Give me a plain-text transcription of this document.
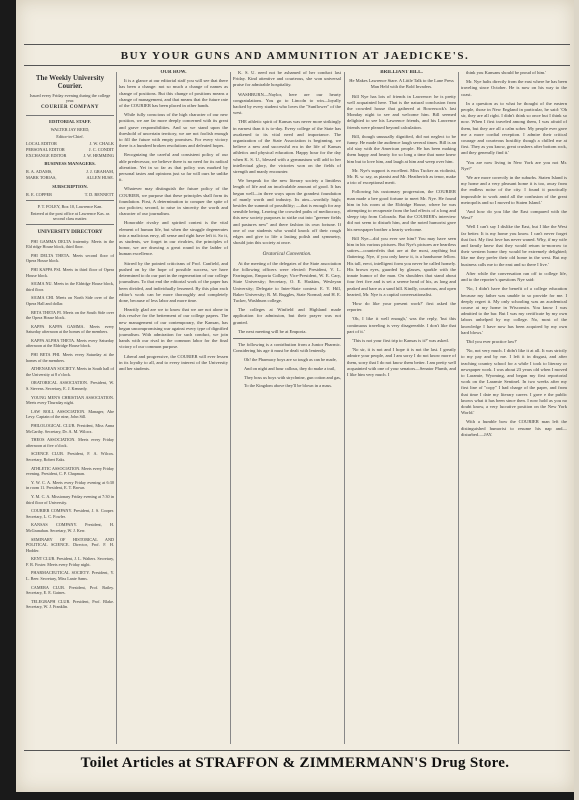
BUY YOUR GUNS AND AMMUNITION AT JAEDICKE'S.
The Weekly University Courier.
Issued every Friday evening during the college year.
COURIER COMPANY
EDITORIAL STAFF.
WALTER JAY REED,
Editor-in-Chief.
LOCAL EDITOR	J. W. CHALK
PERSONAL EDITOR	J. C. CONDIT
EXCHANGE EDITOR	J. W. HEMMING
BUSINESS MANAGERS.
R. A. ADAMS,	J. J. GRAHAM,
MARK TOBIAS,	ALLEN HUSE.
SUBSCRIPTION.
R. E. COPPER	T. D. BENNETT
P. T. FOLEY, Box 10, Lawrence Kan.
Entered at the post office at Lawrence Kas. as second class matter.
UNIVERSITY DIRECTORY

PHI GAMMA DELTA fraternity. Meets in the Eld ridge House block, third floor.

PHI DELTA THETA. Meets second floor of Opera House block.

PHI KAPPA PSI. Meets in third floor of Opera House block.

SIGMA NU. Meets in the Eldridge House block, third floor.

SIGMA CHI. Meets on North Side over of the Opera Hall and dollar.

BETA THETA PI. Meets on the South Side over the Opera House block.

KAPPA KAPPA GAMMA. Meets every Saturday afternoon at the homes of the members.

KAPPA ALPHA THETA. Meets every Saturday afternoon at the Eldridge House block.

PHI BETA PHI. Meets every Saturday at the homes of the members.

ATHENAEAN SOCIETY. Meets in South hall of the University at 8 o'clock.

ORATORICAL ASSOCIATION. President, W. S. Stevens. Secretary, E. J. Kennedy.

YOUNG MEN'S CHRISTIAN ASSOCIATION. Meets every Thursday night.

LAW ROLL ASSOCIATION. Manager, Abe Levy. Captain of the nine, John Sill.

PHILOLOGICAL CLUB. President, Miss Anna McCarthy. Secretary, Dr. A. M. Wilcox.

THEOS ASSOCIATION. Meets every Friday afternoon at five o'clock.

SCIENCE CLUB. President, F. A. Wilcox. Secretary, Robert Eaks.

ATHLETIC ASSOCIATION. Meets every Friday evening. President, C. P. Chapman.

Y. W. C. A. Meets every Friday evening at 6:30 in room 11. President, E. T. Brown.

Y. M. C. A. Missionary Friday evening at 7:30 in third floor of University.

COURIER COMPANY. President, J. S. Cooper. Secretary, L. C. Fowler.

KANSAS COMPANY. President, H. McGranahan. Secretary, W. J. Kerr.

SEMINARY OF HISTORICAL AND POLITICAL SCIENCE. Director, Prof. F. H. Hodder.

KENT CLUB. President, J. L. Walters. Secretary, F. R. Foster. Meets every Friday night.

PHARMACEUTICAL SOCIETY. President, Y. L. Beer. Secretary, Miss Lanie Sams.

CAMERA CLUB. President, Prof. Bailey. Secretary, E. E. Gaines.

TELEGRAPH CLUB. President, Prof. Blake. Secretary, W. J. Franklin.

OUR HOW.

It is a glance at our editorial staff you will see that there has been a change: not so much a change of names as change of positions. But this change of positions means a change of management, and that means that the future rate of the COURIER has been placed in other hands.

While fully conscious of the high character of our new position, we are far more deeply concerned with its great and grave responsibilities. And so we stand upon the threshold of uncertain territory, we are not foolish enough to fill the future with empty promises. For every victory there is a hundred broken resolutions and defeated hopes.

Recognizing the careful and consistent policy of our able predecessor, we believe there is no need for its radical alteration. Yet in so far as that policy was marked by personal tastes and opinions just so far will ours be unlike it.

Whatever may distinguish the future policy of the COURIER, we purpose that these principles shall form its foundation. First, A determination to conquer the spite of our policies; second, to raise in sincerity the worth and character of our journalism.

Honorable rivalry and spirited contest is the vital element of human life, but when the struggle degenerates into a malicious envy, all sense and right have left it. So it, as students, we forget in our rivalries, the principles of honor, we are drawing a great round in the ladder of human excellence.

Stirred by the pointed criticisms of Prof. Canfield, and pushed on by the hope of possible success, we have determined to do our part in the regeneration of our college journalism. To that end the editorial work of the paper has been divided, and individually lessened. By this plan each editor's work can be more thoroughly and completely done, because of less labor and more time.

Heartily glad are we to know that we are not alone in this resolve for the betterment of our college papers. The new management of our contemporary, the Kansan, has begun uncompromising war against every type of dignified journalism. With admiration for such conduct, we join hands with our rival in the common labor for the final victory of our common purpose.

Liberal and progressive, the COURIER will ever lessen in its loyalty to all, and to every interest of the University and her students.

K. S. U. need not be ashamed of her conduct last Friday. Kind attentive and courteous, she won universal praise for admirable hospitality.

WASHBURN—Naylor, here are our hearty congratulations. You go to Lincoln to win—loyally backed by every student who loves the "Sunflower" of the west.

THE athletic spirit of Kansas was never more strikingly in earnest than it is to-day. Every college of the State has awakened to its vital need and importance. The organization of the State Association is beginning, we believe a new and successful era in the life of Kansas athletics and physical education. Happy hour for the day when K. S. U., blessed with a gymnasium will add to her intellectual glory, the victories won on the fields of strength and manly encounter.

We bespeak for the new literary society a limitless length of life and an incalculable amount of good. It has begun well—in three ways upon the grandest foundation of manly worth and industry. Its aim—worthily high; besides the summit of possibility; —that is enough for any sensible being. Leaving the crowded paths of mediocracy, this new society purposes to strike out into "greener fields and pastures new" and there fashion its own fortune. If one of our students who would knock off their rough edges and give to life a lasting polish and symmetry, should join this society at once.

Oratorical Convention.

At the meeting of the delegates of the State association the following officers were elected: President, V. L. Farrington, Emporia College; Vice-President, W. E. Cary, State University; Secretary, O. E. Haskins, Wesleyan University; Delegate to Inter-State contest: E. Y. Hill, Baker University; R. M. Ruggles, State Normal; and H. E. Tucker, Washburn college.

The colleges at Winfield and Highland made application for admission, but their prayer was not granted.

The next meeting will be at Emporia.

The following is a contribution from a Junior Pharmic. Considering his age it must be dealt with leniently.

Oh! the Pharmacy boys are so tough as can be made,

And on night and hour callous, they do make a trail,

They boss us boys with strychnine, gun cotton and gas,

To the Kingdom above they'll be blown in a mass.

BRILLIANT BILL.
He Makes Lawrence Stare. A Little Talk to the Lane Press Man Held with the Bold Invaders.

Bill Nye has lots of friends in Lawrence: he is pretty well acquainted here. That is the natural conclusion from the crowded house that gathered at Bowersock's last Monday night to see and welcome him. Bill seemed delighted to see his Lawrence friends, and his Lawrence friends were pleased beyond calculation.

Bill, though unusually dignified, did not neglect to be funny. He made the audience laugh several times. Bill is an old stay with the American people. He has been making them happy and hearty for so long a time that none knew him but to love him, and laugh at him and weep over him.

Mr. Nye's support is excellent. Miss Tucker as violinist, Mr. B. w. say, as pianist and Mr. Heatherich as tenor, make a trio of exceptional merit.

Following his customary progression, the COURIER man made a bee good fortune to meet Mr. Nye. He found him in his room at the Eldridge House, where he was attempting to recuperate from the bad effects of a long and sleepy trip from Colorado. But the COURIER's interview did not seem to disturb him, and the noted humorist gave his newspaper brother a hearty welcome.

Bill Nye—did you ever see him? You may have seen him in his various pictures. But Nye's pictures are heartless satires—counterfeits that are at the most, anything but flattering. Nye, if you only knew it, is a handsome fellow. His tall, erect, intelligent form you never be called homely. His brown eyes, guarded by glasses, sparkle with the innate humor of the man. On shoulders that stand about four feet five and is set a serene head of his, as long and peaked and bare as a sand hill. Kindly, courteous, and open hearted, Mr. Nye is a capital conversationalist.

'How do like your present work?' first asked the reporter.

'Oh, I like it well enough,' was the reply, 'but this continuous traveling is very disagreeable. I don't like that part of it.'

'This is not your first trip to Kansas is it?' was asked.

'No sir, it is not and I hope it is not the last. I greatly admire your people, and I am sorry I do not know more of them, sorry that I do not know them better. I am pretty well acquainted with one of your senators—Senator Plumb, and I like him very much. I

think you Kansans should be proud of him.'

Mr. Nye halts directly from the east where he has been traveling since October. He is now on his way to the coast.

In a question as to what he thought of the eastern people, those in New England in particular, he said: 'Oh sir, they are all right. I didn't think so once but I think so now. When I first traveled among them, I was afraid of them, but they are all a calm sober. My people ever gave me a more cordial reception. I admire their critical courage and courteous hostility though a chilled me at first. They as you know, great crushers after bottom rock, and they generally find it.'

'You are now living in New York are you not Mr. Nye?'

'We are more correctly in the suburbs. Staten Island is my home and a very pleasant home it is too, away from the endless noise of the city. I found it practically impossible to work amid all the confusion of the great metropolis and so I moved to Staten Island.'

'And how do you like the East compared with the West?'

'Well I can't say I dislike the East, but I like the West far better. It is my home you know. I can't never forget that fact. My first love has never waned. Why, if my wife and family knew that they would return to-morrow to their western home they would be extremely delighted; like me they prefer their old home in the west. But my business calls me to the east and so there I live.'

After while the conversation ran off to college life, and to the reporter's questions Nye said:

'No, I didn't have the benefit of a college education because my father was unable to so provide for me. I deeply regret it. My only schooling was an academical course at my home in Wisconsin. You know I was admitted to the bar. But I was my certificate by my own labors unhelped by my college. No, most of the knowledge I have now has been acquired by my own hard blows.'

'Did you ever practice law?'

'No, not very much. I didn't like it at all. It was strictly to my pay and by me. I left it in disgust, and after teaching country school for a while I took to literary or newspaper work. I was about 23 years old when I moved to Laramie, Wyoming, and began my first reportorial work on the Laramie Sentinel. In two weeks after my first line of "copy" I had charge of the paper, and from that time I date my literary career. I gave e the public knows what it has been since then. I now hold as you no doubt know, a very lucrative position on the New York World.'

With a humble bow the COURIER man left the distinguished humorist to resume his nap and—disturbed.—JAY.

Toilet Articles at STRAFFON & ZIMMERMANN'S Drug Store.
